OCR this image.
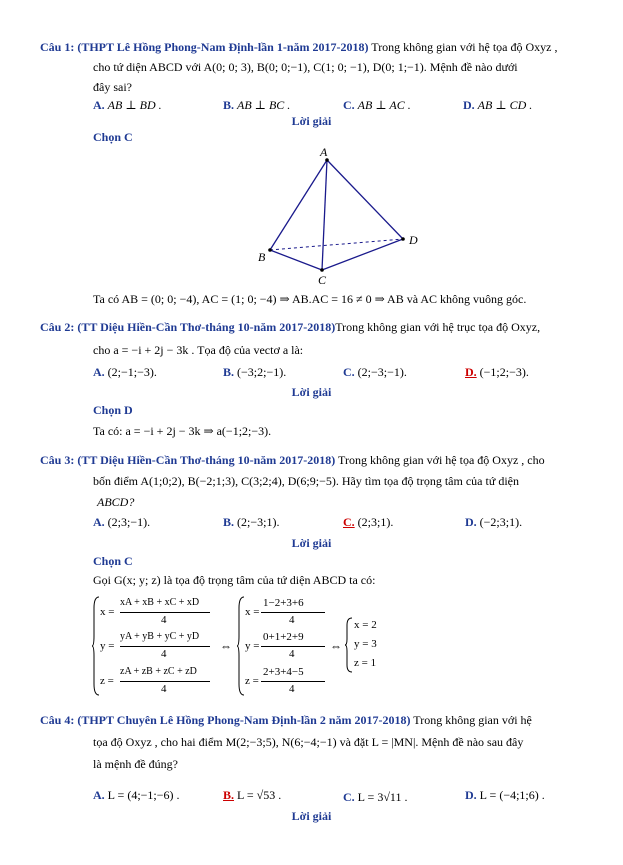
Câu 1: (THPT Lê Hồng Phong-Nam Định-lần 1-năm 2017-2018) Trong không gian với hệ tọa độ Oxyz ,
cho tứ diện ABCD với A(0; 0; 3), B(0; 0;−1), C(1; 0; −1), D(0; 1;−1). Mệnh đề nào dưới
đây sai?
A. AB ⊥ BD .	B. AB ⊥ BC .	C. AB ⊥ AC .	D. AB ⊥ CD .
Lời giải
Chọn C
A
B
C
D
Ta có AB = (0; 0; −4), AC = (1; 0; −4) ⇒ AB.AC = 16 ≠ 0 ⇒ AB và AC không vuông góc.
Câu 2: (TT Diệu Hiền-Cần Thơ-tháng 10-năm 2017-2018)Trong không gian với hệ trục tọa độ Oxyz,
cho a = −i + 2j − 3k . Tọa độ của vectơ a là:
A. (2;−1;−3).	B. (−3;2;−1).	C. (2;−3;−1).	D. (−1;2;−3).
Lời giải
Chọn D
Ta có: a = −i + 2j − 3k ⇒ a(−1;2;−3).
Câu 3: (TT Diệu Hiền-Cần Thơ-tháng 10-năm 2017-2018) Trong không gian với hệ tọa độ Oxyz , cho
bốn điểm A(1;0;2), B(−2;1;3), C(3;2;4), D(6;9;−5). Hãy tìm tọa độ trọng tâm của tứ diện
ABCD?
A. (2;3;−1).	B. (2;−3;1).	C. (2;3;1).	D. (−2;3;1).
Lời giải
Chọn C
Gọi G(x; y; z) là tọa độ trọng tâm của tứ diện ABCD ta có:
x =
xA + xB + xC + xD
4
y =
yA + yB + yC + yD
4
z =
zA + zB + zC + zD
4
⇔
x =
1−2+3+6
4
y =
0+1+2+9
4
z =
2+3+4−5
4
⇔
x = 2
y = 3
z = 1
Câu 4: (THPT Chuyên Lê Hồng Phong-Nam Định-lần 2 năm 2017-2018) Trong không gian với hệ
tọa độ Oxyz , cho hai điểm M(2;−3;5), N(6;−4;−1) và đặt L = |MN|. Mệnh đề nào sau đây
là mệnh đề đúng?
A. L = (4;−1;−6) .	B. L = √53 .	C. L = 3√11 .	D. L = (−4;1;6) .
Lời giải
